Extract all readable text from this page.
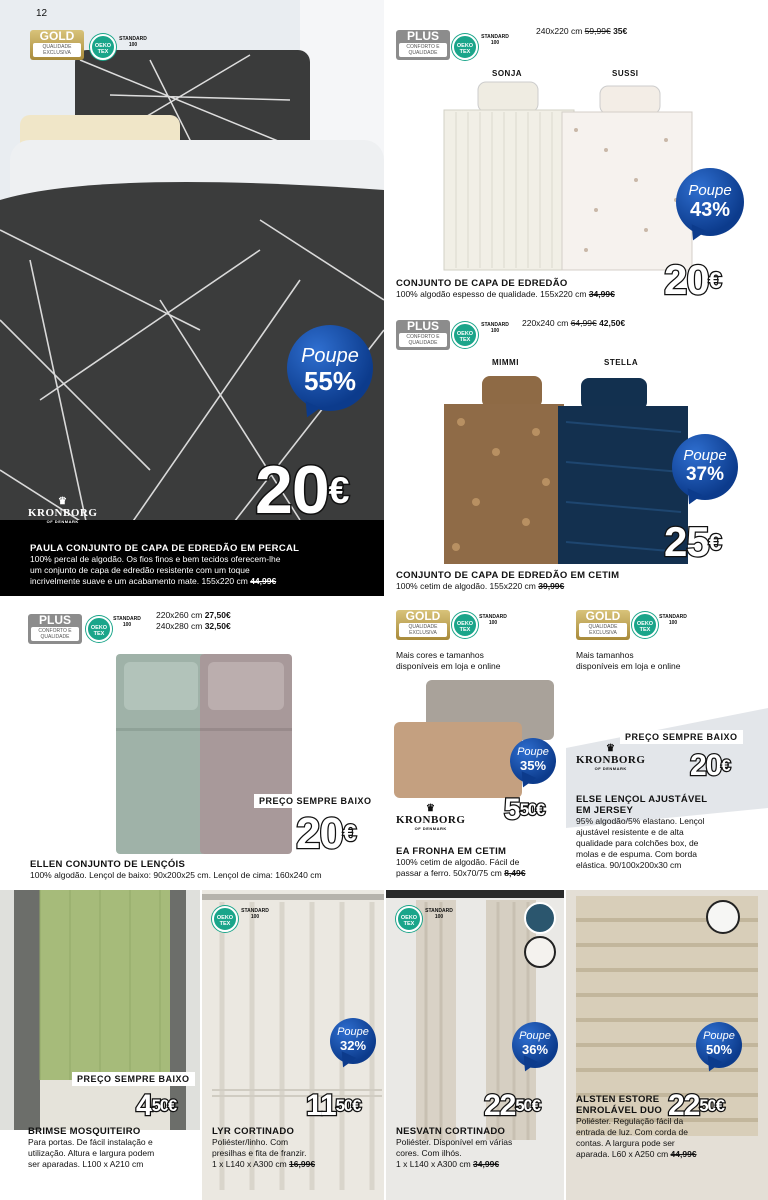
12
GOLD
QUALIDADE EXCLUSIVA
OEKO TEX
STANDARD 100
Poupe
55%
20€
♛
KRONBORG
OF DENMARK
PAULA CONJUNTO DE CAPA DE EDREDÃO EM PERCAL
100% percal de algodão. Os fios finos e bem tecidos oferecem-lhe
um conjunto de capa de edredão resistente com um toque
incrivelmente suave e um acabamento mate. 155x220 cm 44,99€
PLUS
CONFORTO E QUALIDADE
OEKO TEX
STANDARD 100
240x220 cm 59,99€ 35€
SONJA	SUSSI
Poupe
43%
20€
CONJUNTO DE CAPA DE EDREDÃO
100% algodão espesso de qualidade. 155x220 cm 34,99€
PLUS
CONFORTO E QUALIDADE
OEKO TEX
STANDARD 100
220x240 cm 64,99€ 42,50€
MIMMI	STELLA
Poupe
37%
25€
CONJUNTO DE CAPA DE EDREDÃO EM CETIM
100% cetim de algodão. 155x220 cm 39,99€
PLUS
CONFORTO E QUALIDADE
OEKO TEX
STANDARD 100
220x260 cm 27,50€
240x280 cm 32,50€
PREÇO SEMPRE BAIXO
20€
ELLEN CONJUNTO DE LENÇÓIS
100% algodão. Lençol de baixo: 90x200x25 cm. Lençol de cima: 160x240 cm
GOLD
QUALIDADE EXCLUSIVA
OEKO TEX
STANDARD 100
Mais cores e tamanhos
disponíveis em loja e online
Poupe
35%
♛
KRONBORG
OF DENMARK
$5^{50€}$
EA FRONHA EM CETIM
100% cetim de algodão. Fácil de
passar a ferro. 50x70/75 cm 8,49€
GOLD
QUALIDADE EXCLUSIVA
OEKO TEX
STANDARD 100
Mais tamanhos
disponíveis em loja e online
PREÇO SEMPRE BAIXO
♛
KRONBORG
OF DENMARK	20€
ELSE LENÇOL AJUSTÁVEL
EM JERSEY
95% algodão/5% elastano. Lençol
ajustável resistente e de alta
qualidade para colchões box, de
molas e de espuma. Com borda
elástica. 90/100x200x30 cm
PREÇO SEMPRE BAIXO
$4^{50€}$
BRIMSE MOSQUITEIRO
Para portas. De fácil instalação e
utilização. Altura e largura podem
ser aparadas. L100 x A210 cm
OEKO TEX
STANDARD 100
Poupe
32%
$11^{50€}$
LYR CORTINADO
Poliéster/linho. Com
presilhas e fita de franzir.
1 x L140 x A300 cm 16,99€
OEKO TEX
STANDARD 100
Poupe
36%
$22^{50€}$
NESVATN CORTINADO
Poliéster. Disponível em várias
cores. Com ilhós.
1 x L140 x A300 cm 34,99€
Poupe
50%
$22^{50€}$
ALSTEN ESTORE
ENROLÁVEL DUO
Poliéster. Regulação fácil da
entrada de luz. Com corda de
contas. A largura pode ser
aparada. L60 x A250 cm 44,99€
